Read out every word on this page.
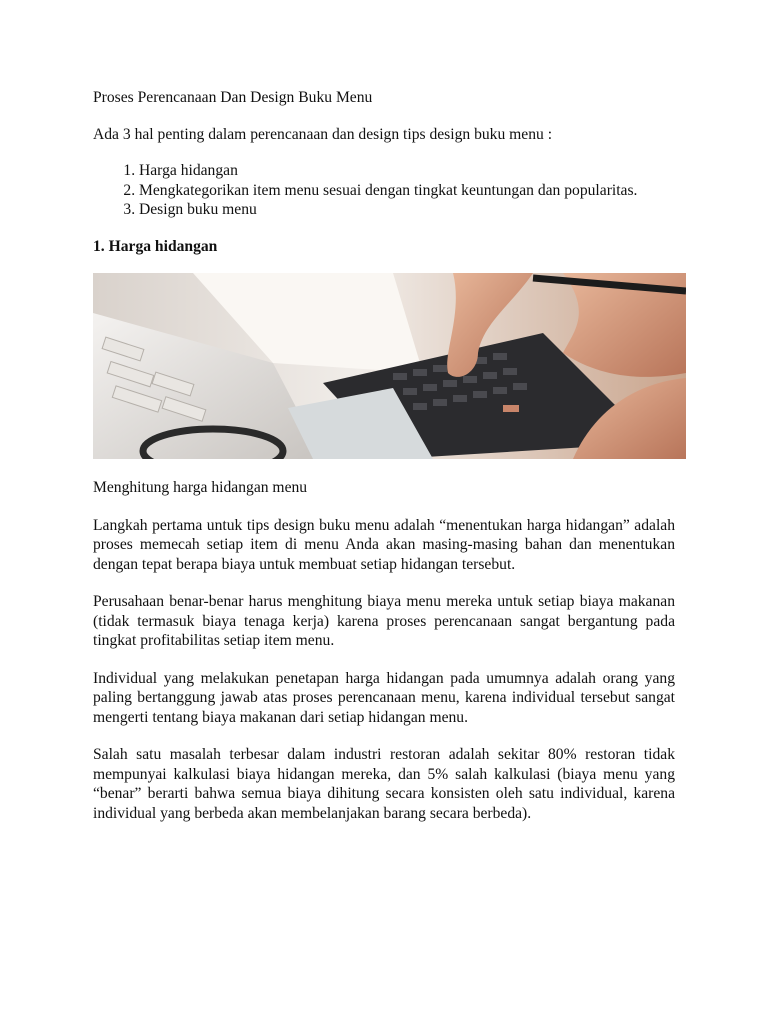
Proses Perencanaan Dan Design Buku Menu

Ada 3 hal penting dalam perencanaan dan design tips design buku menu :

1. Harga hidangan
2. Mengkategorikan item menu sesuai dengan tingkat keuntungan dan popularitas.
3. Design buku menu
1. Harga hidangan

Menghitung harga hidangan menu

Langkah pertama untuk tips design buku menu adalah “menentukan harga hidangan” adalah proses memecah setiap item di menu Anda akan masing-masing bahan dan menentukan dengan tepat berapa biaya untuk membuat setiap hidangan tersebut.

Perusahaan benar-benar harus menghitung biaya menu mereka untuk setiap biaya makanan (tidak termasuk biaya tenaga kerja) karena proses perencanaan sangat bergantung pada tingkat profitabilitas setiap item menu.

Individual yang melakukan penetapan harga hidangan pada umumnya adalah orang yang paling bertanggung jawab atas proses perencanaan menu, karena individual tersebut sangat mengerti tentang biaya makanan dari setiap hidangan menu.

Salah satu masalah terbesar dalam industri restoran adalah sekitar 80% restoran tidak mempunyai kalkulasi biaya hidangan mereka, dan 5% salah kalkulasi (biaya menu yang “benar” berarti bahwa semua biaya dihitung secara konsisten oleh satu individual, karena individual yang berbeda akan membelanjakan barang secara berbeda).
